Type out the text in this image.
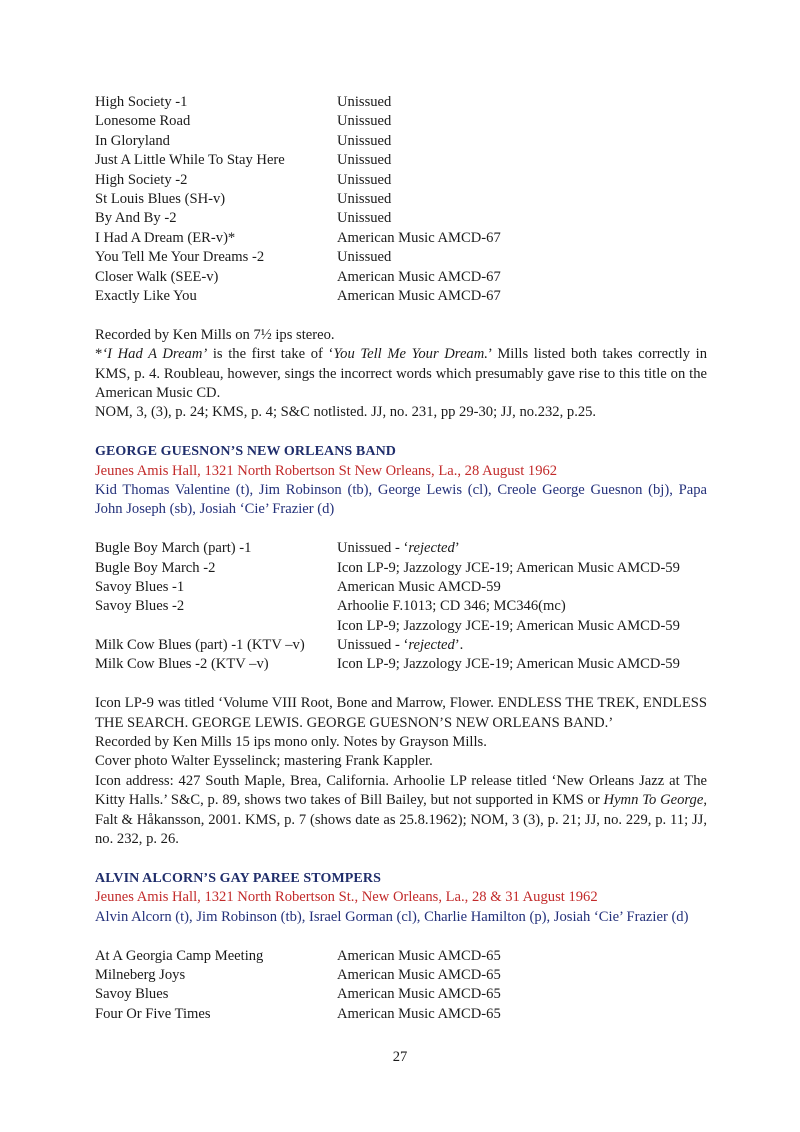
High Society -1	Unissued
Lonesome Road	Unissued
In Gloryland	Unissued
Just A Little While To Stay Here	Unissued
High Society -2	Unissued
St Louis Blues (SH-v)	Unissued
By And By -2	Unissued
I Had A Dream (ER-v)*	American Music AMCD-67
You Tell Me Your Dreams -2	Unissued
Closer Walk (SEE-v)	American Music AMCD-67
Exactly Like You	American Music AMCD-67
Recorded by Ken Mills on 7½ ips stereo.
*‘I Had A Dream’ is the first take of ‘You Tell Me Your Dream.’ Mills listed both takes correctly in KMS, p. 4. Roubleau, however, sings the incorrect words which presumably gave rise to this title on the American Music CD.
NOM, 3, (3), p. 24; KMS, p. 4; S&C notlisted. JJ, no. 231, pp 29-30; JJ, no.232, p.25.
GEORGE GUESNON’S NEW ORLEANS BAND
Jeunes Amis Hall, 1321 North Robertson St New Orleans, La., 28 August 1962
Kid Thomas Valentine (t), Jim Robinson (tb), George Lewis (cl), Creole George Guesnon (bj), Papa John Joseph (sb), Josiah ‘Cie’ Frazier (d)
Bugle Boy March (part) -1	Unissued - ‘rejected’
Bugle Boy March -2	Icon LP-9; Jazzology JCE-19; American Music AMCD-59
Savoy Blues -1	American Music AMCD-59
Savoy Blues -2	Arhoolie F.1013; CD 346; MC346(mc)
Icon LP-9; Jazzology JCE-19; American Music AMCD-59
Milk Cow Blues (part) -1 (KTV –v)	Unissued - ‘rejected’.
Milk Cow Blues -2 (KTV –v)	Icon LP-9; Jazzology JCE-19; American Music AMCD-59
Icon LP-9 was titled ‘Volume VIII Root, Bone and Marrow, Flower. ENDLESS THE TREK, ENDLESS THE SEARCH. GEORGE LEWIS. GEORGE GUESNON’S NEW ORLEANS BAND.’
Recorded by Ken Mills 15 ips mono only. Notes by Grayson Mills.
Cover photo Walter Eysselinck; mastering Frank Kappler.
Icon address: 427 South Maple, Brea, California. Arhoolie LP release titled ‘New Orleans Jazz at The Kitty Halls.’ S&C, p. 89, shows two takes of Bill Bailey, but not supported in KMS or Hymn To George, Falt & Håkansson, 2001. KMS, p. 7 (shows date as 25.8.1962); NOM, 3 (3), p. 21; JJ, no. 229, p. 11; JJ, no. 232, p. 26.
ALVIN ALCORN’S GAY PAREE STOMPERS
Jeunes Amis Hall, 1321 North Robertson St., New Orleans, La., 28 & 31 August 1962
Alvin Alcorn (t), Jim Robinson (tb), Israel Gorman (cl), Charlie Hamilton (p), Josiah ‘Cie’ Frazier (d)
At A Georgia Camp Meeting	American Music AMCD-65
Milneberg Joys	American Music AMCD-65
Savoy Blues	American Music AMCD-65
Four Or Five Times	American Music AMCD-65
27
